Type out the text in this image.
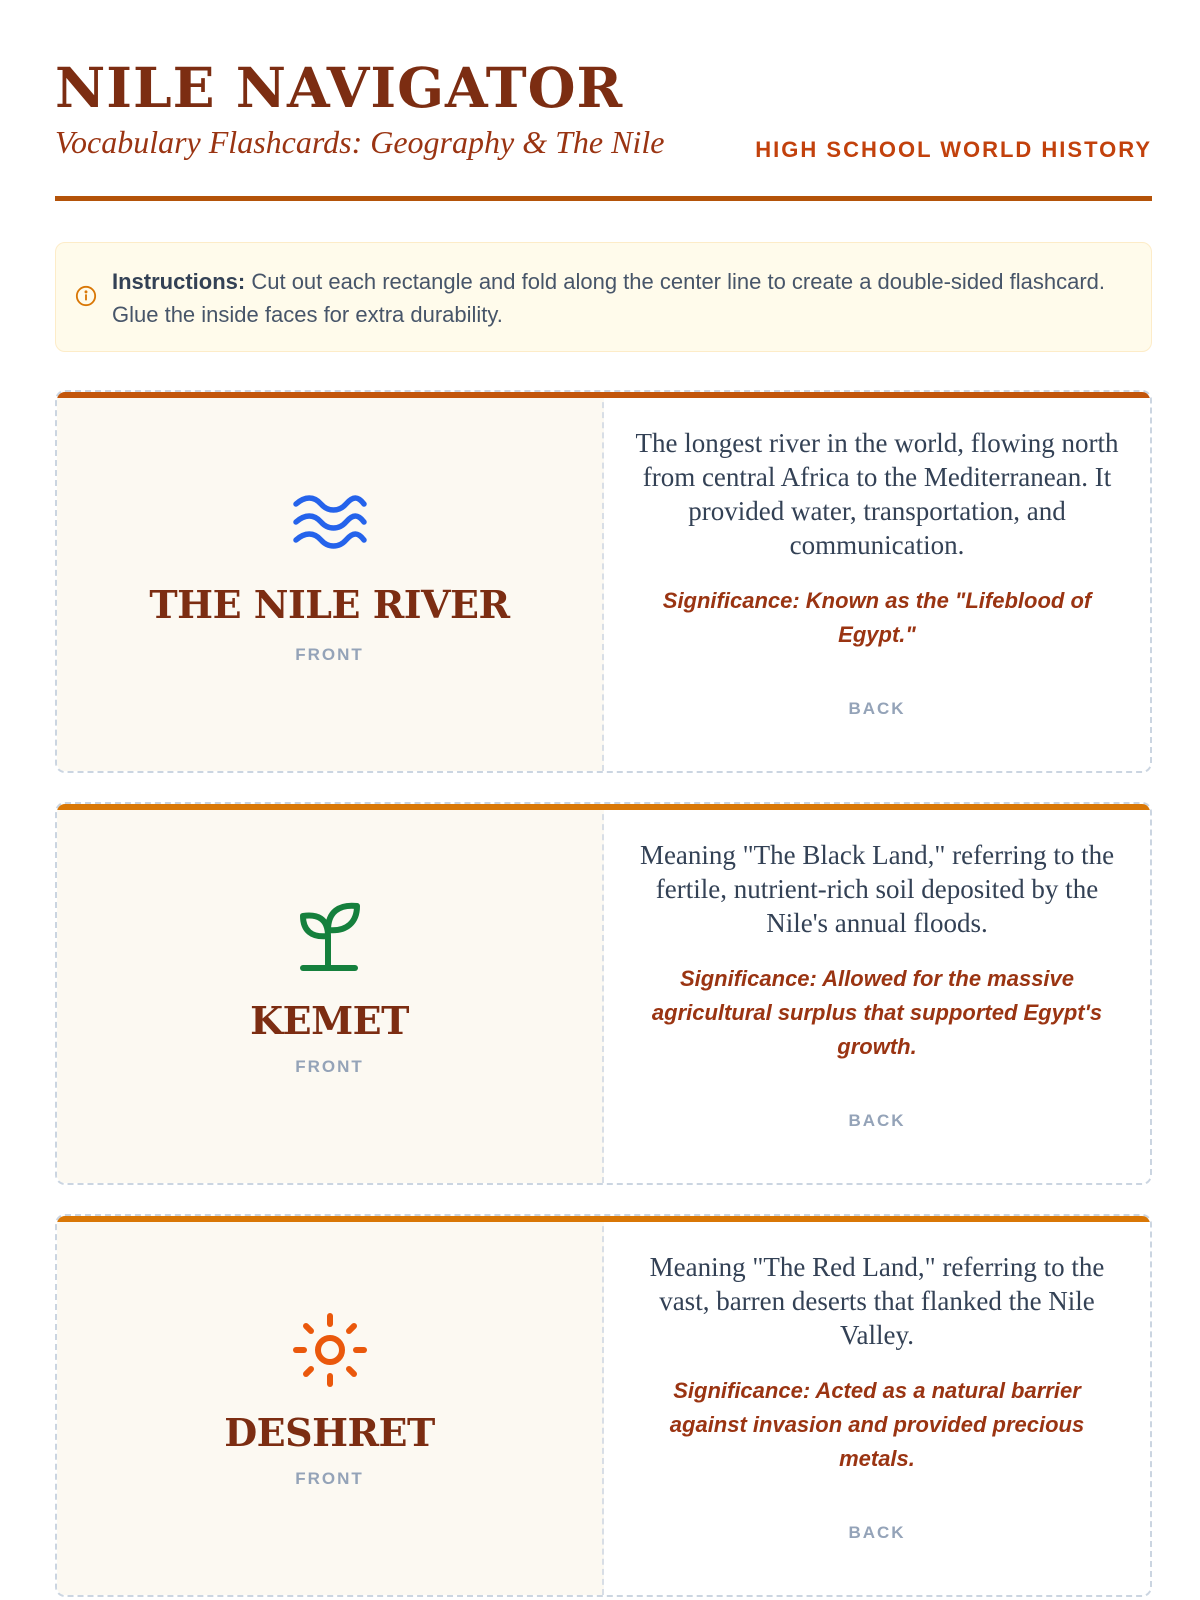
NILE NAVIGATOR
Vocabulary Flashcards: Geography & The Nile	HIGH SCHOOL WORLD HISTORY

Instructions: Cut out each rectangle and fold along the center line to create a double-sided flashcard. Glue the inside faces for extra durability.

THE NILE RIVER
FRONT

The longest river in the world, flowing north from central Africa to the Mediterranean. It provided water, transportation, and communication.

Significance: Known as the "Lifeblood of Egypt."

BACK
KEMET
FRONT

Meaning "The Black Land," referring to the fertile, nutrient-rich soil deposited by the Nile's annual floods.

Significance: Allowed for the massive agricultural surplus that supported Egypt's growth.

BACK
DESHRET
FRONT

Meaning "The Red Land," referring to the vast, barren deserts that flanked the Nile Valley.

Significance: Acted as a natural barrier against invasion and provided precious metals.

BACK
